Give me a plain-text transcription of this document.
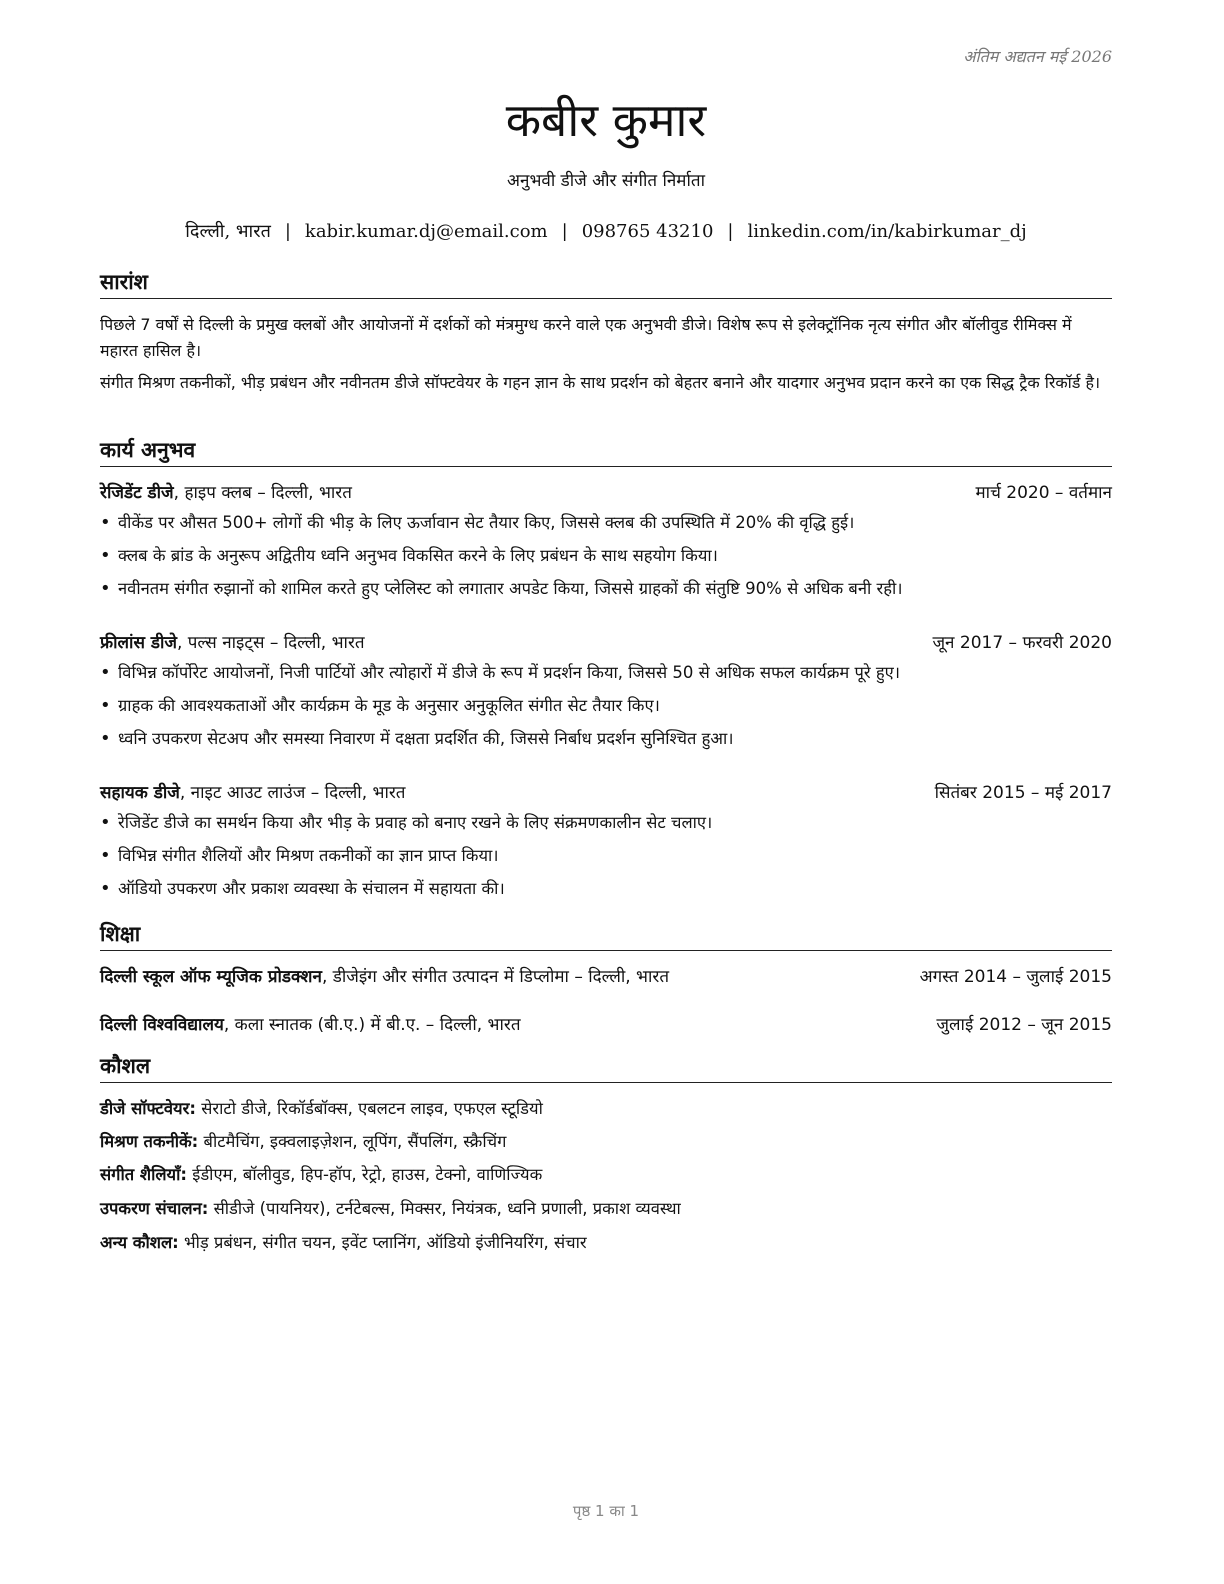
अंतिम अद्यतन मई 2026
कबीर कुमार
अनुभवी डीजे और संगीत निर्माता
दिल्ली, भारत | kabir.kumar.dj@email.com | 098765 43210 | linkedin.com/in/kabirkumar_dj
सारांश
पिछले 7 वर्षों से दिल्ली के प्रमुख क्लबों और आयोजनों में दर्शकों को मंत्रमुग्ध करने वाले एक अनुभवी डीजे। विशेष रूप से इलेक्ट्रॉनिक नृत्य संगीत और बॉलीवुड रीमिक्स में महारत हासिल है।
संगीत मिश्रण तकनीकों, भीड़ प्रबंधन और नवीनतम डीजे सॉफ्टवेयर के गहन ज्ञान के साथ प्रदर्शन को बेहतर बनाने और यादगार अनुभव प्रदान करने का एक सिद्ध ट्रैक रिकॉर्ड है।
कार्य अनुभव
रेजिडेंट डीजे, हाइप क्लब – दिल्ली, भारत	मार्च 2020 – वर्तमान
• वीकेंड पर औसत 500+ लोगों की भीड़ के लिए ऊर्जावान सेट तैयार किए, जिससे क्लब की उपस्थिति में 20% की वृद्धि हुई।
• क्लब के ब्रांड के अनुरूप अद्वितीय ध्वनि अनुभव विकसित करने के लिए प्रबंधन के साथ सहयोग किया।
• नवीनतम संगीत रुझानों को शामिल करते हुए प्लेलिस्ट को लगातार अपडेट किया, जिससे ग्राहकों की संतुष्टि 90% से अधिक बनी रही।
फ्रीलांस डीजे, पल्स नाइट्स – दिल्ली, भारत	जून 2017 – फरवरी 2020
• विभिन्न कॉर्पोरेट आयोजनों, निजी पार्टियों और त्योहारों में डीजे के रूप में प्रदर्शन किया, जिससे 50 से अधिक सफल कार्यक्रम पूरे हुए।
• ग्राहक की आवश्यकताओं और कार्यक्रम के मूड के अनुसार अनुकूलित संगीत सेट तैयार किए।
• ध्वनि उपकरण सेटअप और समस्या निवारण में दक्षता प्रदर्शित की, जिससे निर्बाध प्रदर्शन सुनिश्चित हुआ।
सहायक डीजे, नाइट आउट लाउंज – दिल्ली, भारत	सितंबर 2015 – मई 2017
• रेजिडेंट डीजे का समर्थन किया और भीड़ के प्रवाह को बनाए रखने के लिए संक्रमणकालीन सेट चलाए।
• विभिन्न संगीत शैलियों और मिश्रण तकनीकों का ज्ञान प्राप्त किया।
• ऑडियो उपकरण और प्रकाश व्यवस्था के संचालन में सहायता की।
शिक्षा
दिल्ली स्कूल ऑफ म्यूजिक प्रोडक्शन, डीजेइंग और संगीत उत्पादन में डिप्लोमा – दिल्ली, भारत	अगस्त 2014 – जुलाई 2015
दिल्ली विश्वविद्यालय, कला स्नातक (बी.ए.) में बी.ए. – दिल्ली, भारत	जुलाई 2012 – जून 2015
कौशल
डीजे सॉफ्टवेयर: सेराटो डीजे, रिकॉर्डबॉक्स, एबलटन लाइव, एफएल स्टूडियो
मिश्रण तकनीकें: बीटमैचिंग, इक्वलाइज़ेशन, लूपिंग, सैंपलिंग, स्क्रैचिंग
संगीत शैलियाँ: ईडीएम, बॉलीवुड, हिप-हॉप, रेट्रो, हाउस, टेक्नो, वाणिज्यिक
उपकरण संचालन: सीडीजे (पायनियर), टर्नटेबल्स, मिक्सर, नियंत्रक, ध्वनि प्रणाली, प्रकाश व्यवस्था
अन्य कौशल: भीड़ प्रबंधन, संगीत चयन, इवेंट प्लानिंग, ऑडियो इंजीनियरिंग, संचार
पृष्ठ 1 का 1
